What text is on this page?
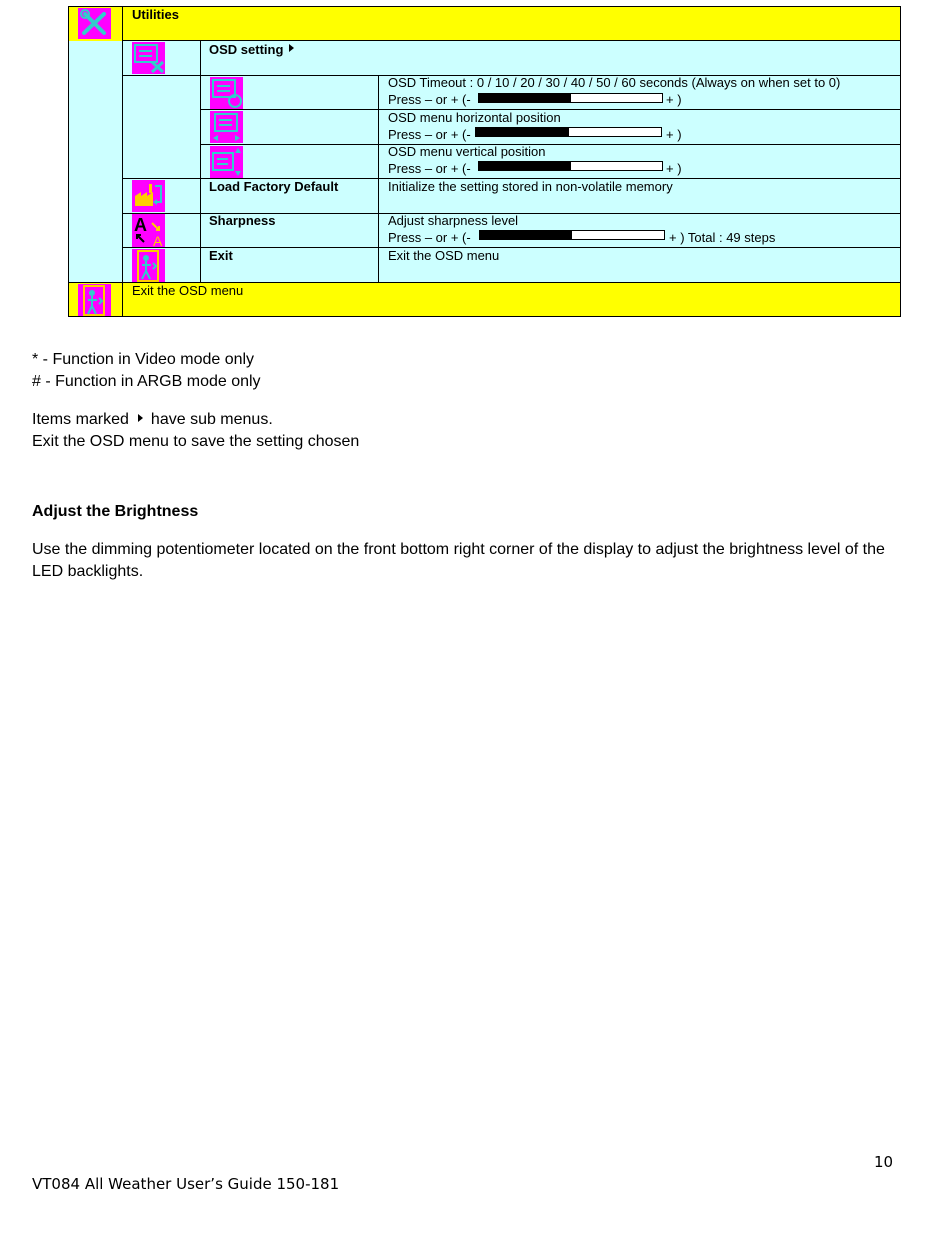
Utilities
OSD setting
OSD Timeout : 0 / 10 / 20 / 30 / 40 / 50 / 60 seconds (Always on when set to 0)
Press – or + (-	+ )
OSD menu horizontal position
Press – or + (-	+ )
OSD menu vertical position
Press – or + (-	+ )
Load Factory Default	Initialize the setting stored in non-volatile memory
A
A
Sharpness	Adjust sharpness level
Press – or + (-	+ ) Total : 49 steps
Exit	Exit the OSD menu
Exit the OSD menu
* - Function in Video mode only
# - Function in ARGB mode only
Items marked have sub menus.
Exit the OSD menu to save the setting chosen
Adjust the Brightness
Use the dimming potentiometer located on the front bottom right corner of the display to adjust the brightness level of the
LED backlights.
10
VT084 All Weather User’s Guide 150-181
